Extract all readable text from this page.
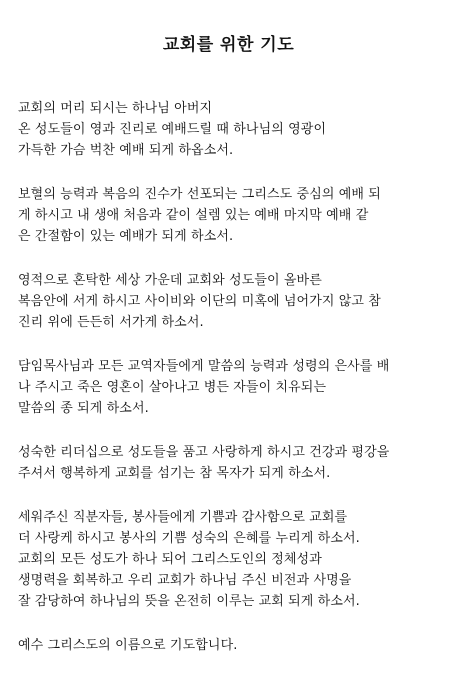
교회를 위한 기도

교회의 머리 되시는 하나님 아버지
온 성도들이 영과 진리로 예배드릴 때 하나님의 영광이
가득한 가슴 벅찬 예배 되게 하옵소서.

보혈의 능력과 복음의 진수가 선포되는 그리스도 중심의 예배 되
게 하시고 내 생애 처음과 같이 설렘 있는 예배 마지막 예배 같
은 간절함이 있는 예배가 되게 하소서.

영적으로 혼탁한 세상 가운데 교회와 성도들이 올바른
복음안에 서게 하시고 사이비와 이단의 미혹에 넘어가지 않고 참
진리 위에 든든히 서가게 하소서.

담임목사님과 모든 교역자들에게 말씀의 능력과 성령의 은사를 배
나 주시고 죽은 영혼이 살아나고 병든 자들이 치유되는
말씀의 종 되게 하소서.

성숙한 리더십으로 성도들을 품고 사랑하게 하시고 건강과 평강을
주셔서 행복하게 교회를 섬기는 참 목자가 되게 하소서.

세워주신 직분자들, 봉사들에게 기쁨과 감사함으로 교회를
더 사랑케 하시고 봉사의 기쁨 성숙의 은혜를 누리게 하소서.
교회의 모든 성도가 하나 되어 그리스도인의 정체성과
생명력을 회복하고 우리 교회가 하나님 주신 비전과 사명을
잘 감당하여 하나님의 뜻을 온전히 이루는 교회 되게 하소서.

예수 그리스도의 이름으로 기도합니다.
